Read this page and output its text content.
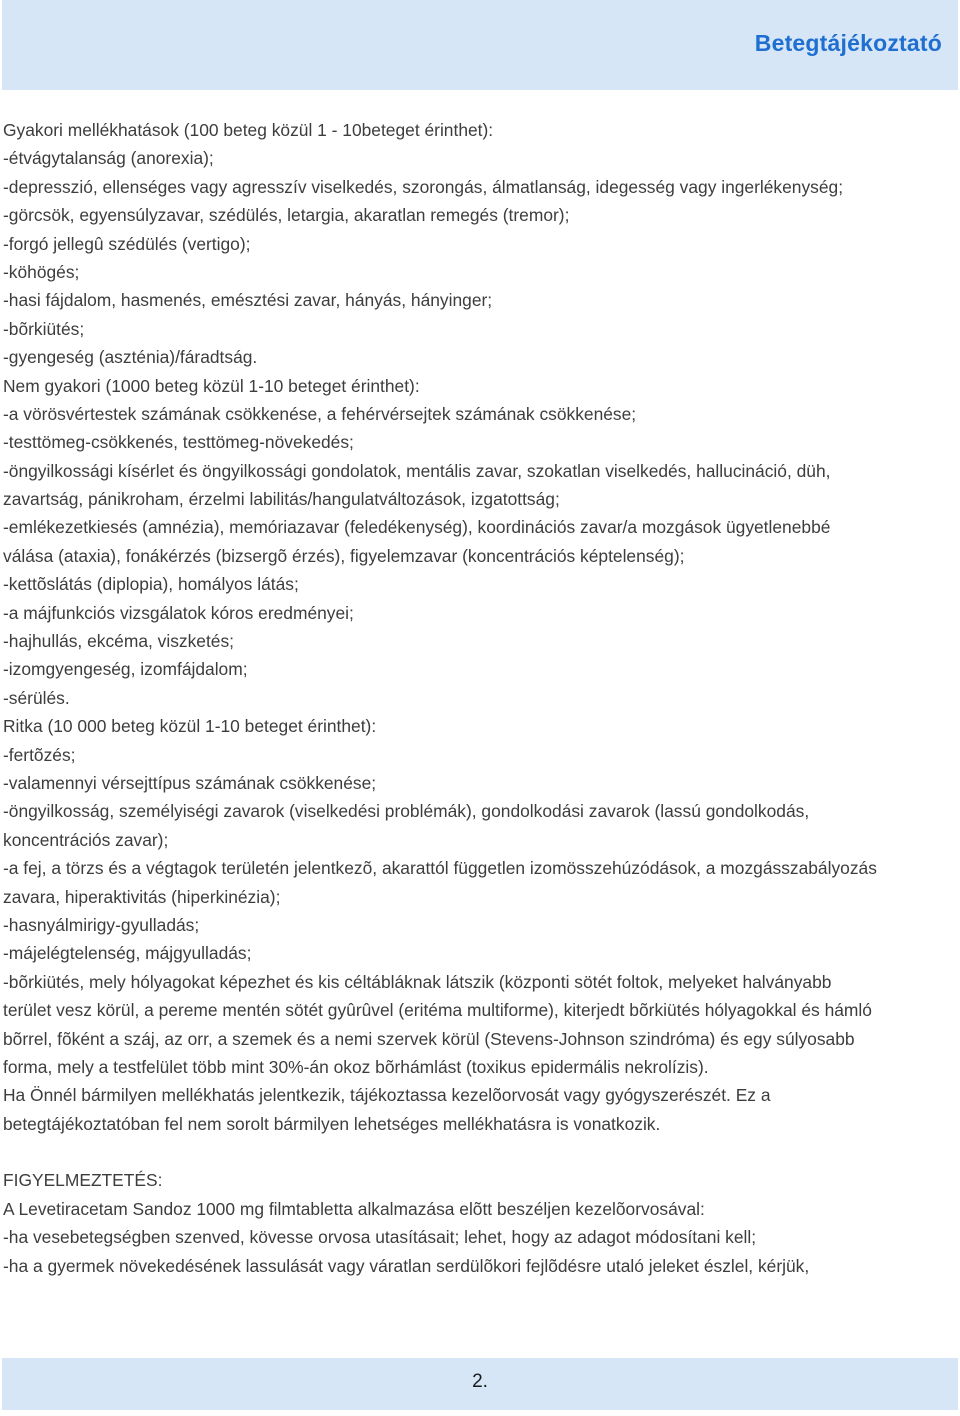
Betegtájékoztató
Gyakori mellékhatások (100 beteg közül 1 - 10beteget érinthet):
-étvágytalanság (anorexia);
-depresszió, ellenséges vagy agresszív viselkedés, szorongás, álmatlanság, idegesség vagy ingerlékenység;
-görcsök, egyensúlyzavar, szédülés, letargia, akaratlan remegés (tremor);
-forgó jellegû szédülés (vertigo);
-köhögés;
-hasi fájdalom, hasmenés, emésztési zavar, hányás, hányinger;
-bõrkiütés;
-gyengeség (aszténia)/fáradtság.
Nem gyakori (1000 beteg közül 1-10 beteget érinthet):
-a vörösvértestek számának csökkenése, a fehérvérsejtek számának csökkenése;
-testtömeg-csökkenés, testtömeg-növekedés;
-öngyilkossági kísérlet és öngyilkossági gondolatok, mentális zavar, szokatlan viselkedés, hallucináció, düh,
zavartság, pánikroham, érzelmi labilitás/hangulatváltozások, izgatottság;
-emlékezetkiesés (amnézia), memóriazavar (feledékenység), koordinációs zavar/a mozgások ügyetlenebbé
válása (ataxia), fonákérzés (bizsergõ érzés), figyelemzavar (koncentrációs képtelenség);
-kettõslátás (diplopia), homályos látás;
-a májfunkciós vizsgálatok kóros eredményei;
-hajhullás, ekcéma, viszketés;
-izomgyengeség, izomfájdalom;
-sérülés.
Ritka (10 000 beteg közül 1-10 beteget érinthet):
-fertõzés;
-valamennyi vérsejttípus számának csökkenése;
-öngyilkosság, személyiségi zavarok (viselkedési problémák), gondolkodási zavarok (lassú gondolkodás,
koncentrációs zavar);
-a fej, a törzs és a végtagok területén jelentkezõ, akarattól független izomösszehúzódások, a mozgásszabályozás
zavara, hiperaktivitás (hiperkinézia);
-hasnyálmirigy-gyulladás;
-májelégtelenség, májgyulladás;
-bõrkiütés, mely hólyagokat képezhet és kis céltábláknak látszik (központi sötét foltok, melyeket halványabb
terület vesz körül, a pereme mentén sötét gyûrûvel (eritéma multiforme), kiterjedt bõrkiütés hólyagokkal és hámló
bõrrel, fõként a száj, az orr, a szemek és a nemi szervek körül (Stevens-Johnson szindróma) és egy súlyosabb
forma, mely a testfelület több mint 30%-án okoz bõrhámlást (toxikus epidermális nekrolízis).
Ha Önnél bármilyen mellékhatás jelentkezik, tájékoztassa kezelõorvosát vagy gyógyszerészét. Ez a
betegtájékoztatóban fel nem sorolt bármilyen lehetséges mellékhatásra is vonatkozik.
FIGYELMEZTETÉS:
A Levetiracetam Sandoz 1000 mg filmtabletta alkalmazása elõtt beszéljen kezelõorvosával:
-ha vesebetegségben szenved, kövesse orvosa utasításait; lehet, hogy az adagot módosítani kell;
-ha a gyermek növekedésének lassulását vagy váratlan serdülõkori fejlõdésre utaló jeleket észlel, kérjük,
2.
